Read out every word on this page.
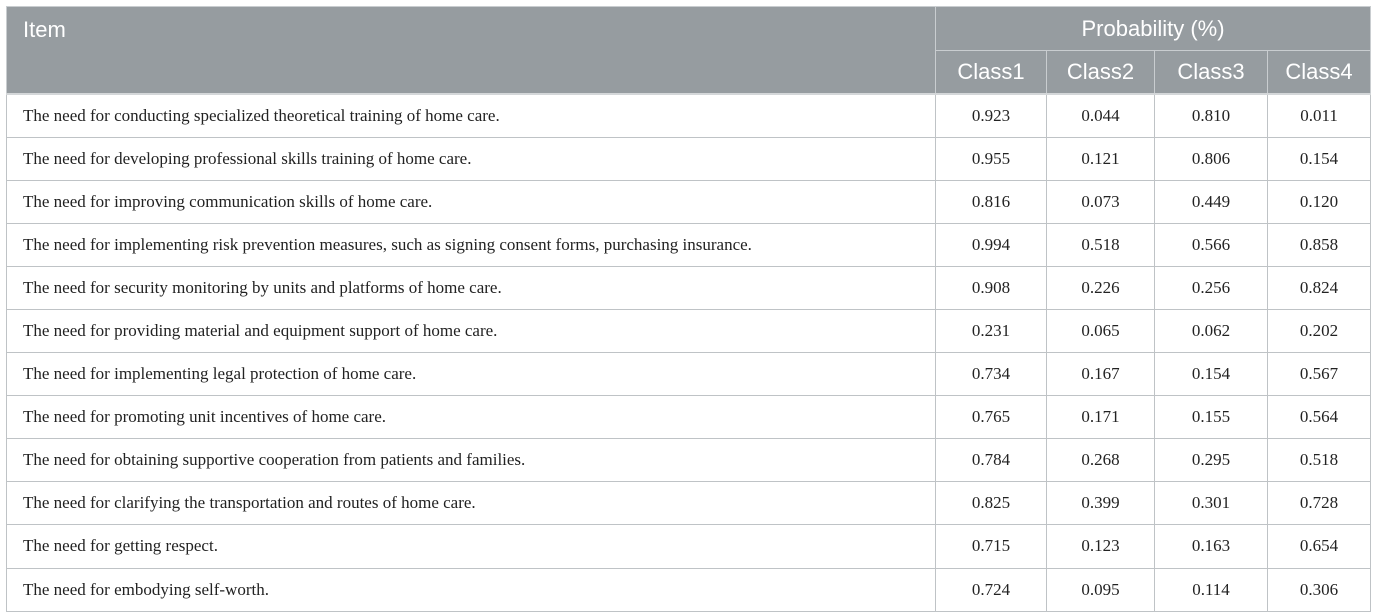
Item	Probability (%)			
	Class1	Class2	Class3	Class4
The need for conducting specialized theoretical training of home care.	0.923	0.044	0.810	0.011
The need for developing professional skills training of home care.	0.955	0.121	0.806	0.154
The need for improving communication skills of home care.	0.816	0.073	0.449	0.120
The need for implementing risk prevention measures, such as signing consent forms, purchasing insurance.	0.994	0.518	0.566	0.858
The need for security monitoring by units and platforms of home care.	0.908	0.226	0.256	0.824
The need for providing material and equipment support of home care.	0.231	0.065	0.062	0.202
The need for implementing legal protection of home care.	0.734	0.167	0.154	0.567
The need for promoting unit incentives of home care.	0.765	0.171	0.155	0.564
The need for obtaining supportive cooperation from patients and families.	0.784	0.268	0.295	0.518
The need for clarifying the transportation and routes of home care.	0.825	0.399	0.301	0.728
The need for getting respect.	0.715	0.123	0.163	0.654
The need for embodying self-worth.	0.724	0.095	0.114	0.306
